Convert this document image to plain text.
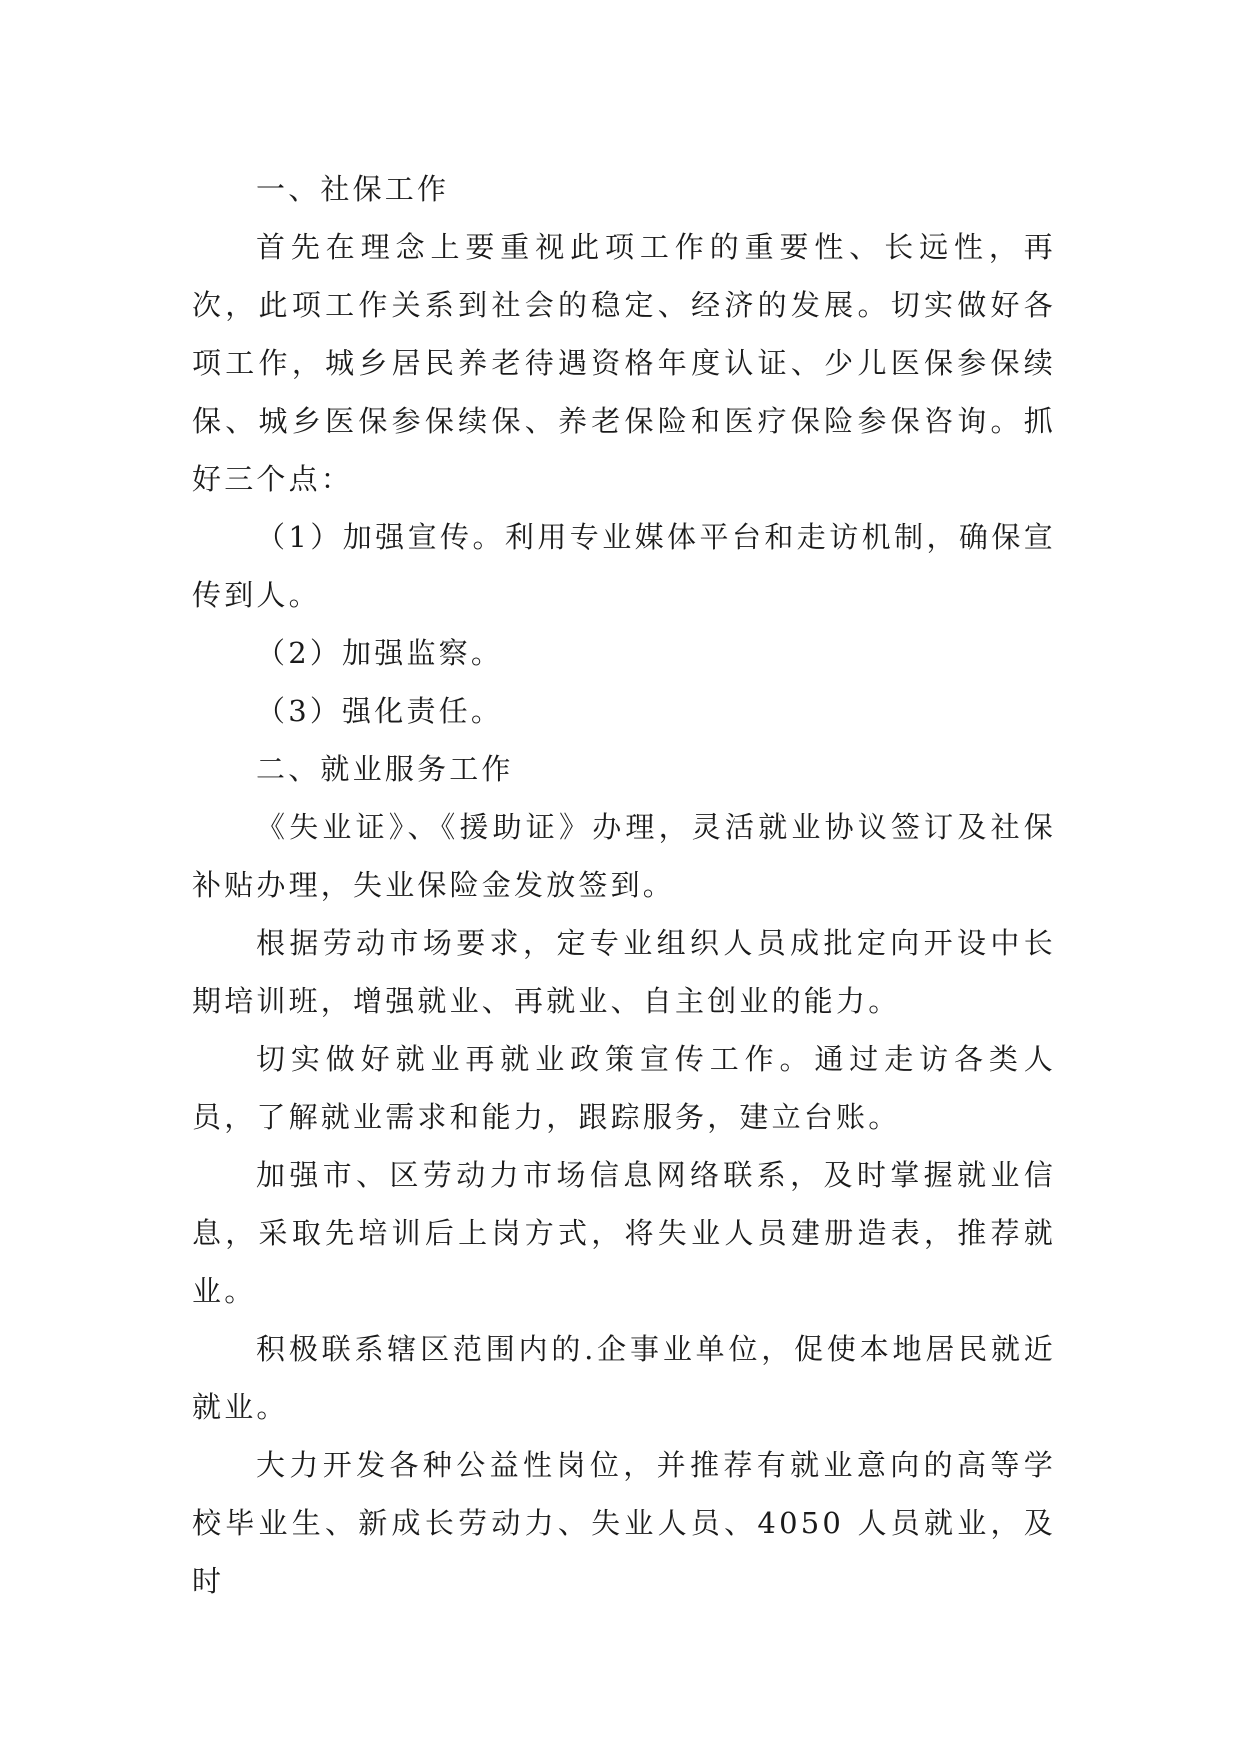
一、社保工作

首先在理念上要重视此项工作的重要性、长远性，再次，此项工作关系到社会的稳定、经济的发展。切实做好各项工作，城乡居民养老待遇资格年度认证、少儿医保参保续保、城乡医保参保续保、养老保险和医疗保险参保咨询。抓好三个点：

（1）加强宣传。利用专业媒体平台和走访机制，确保宣传到人。

（2）加强监察。

（3）强化责任。

二、就业服务工作

《失业证》、《援助证》办理，灵活就业协议签订及社保补贴办理，失业保险金发放签到。

根据劳动市场要求，定专业组织人员成批定向开设中长期培训班，增强就业、再就业、自主创业的能力。

切实做好就业再就业政策宣传工作。通过走访各类人员，了解就业需求和能力，跟踪服务，建立台账。

加强市、区劳动力市场信息网络联系，及时掌握就业信息，采取先培训后上岗方式，将失业人员建册造表，推荐就业。

积极联系辖区范围内的.企事业单位，促使本地居民就近就业。

大力开发各种公益性岗位，并推荐有就业意向的高等学校毕业生、新成长劳动力、失业人员、4050 人员就业，及时
